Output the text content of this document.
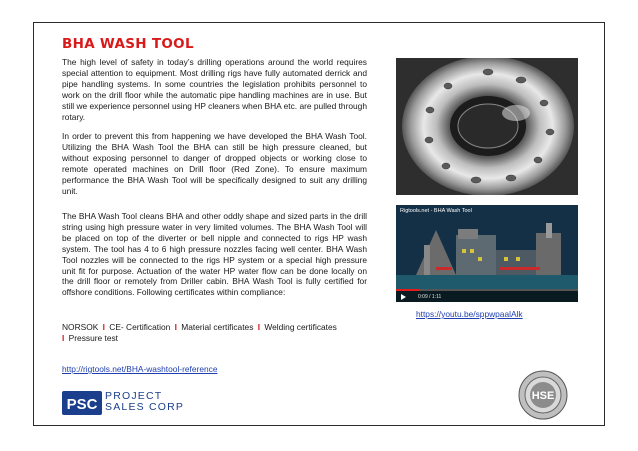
BHA WASH TOOL

The high level of safety in today’s drilling operations around the world requires special attention to equipment. Most drilling rigs have fully automated derrick and pipe handling systems. In some countries the legislation prohibits personnel to work on the drill floor while the automatic pipe handling machines are in use. But still we experience personnel using HP cleaners when BHA etc. are pulled through rotary.

In order to prevent this from happening we have developed the BHA Wash Tool. Utilizing the BHA Wash Tool the BHA can still be high pressure cleaned, but without exposing personnel to danger of dropped objects or working close to remote operated machines on Drill floor (Red Zone). To ensure maximum performance the BHA Wash Tool will be specifically designed to suit any drilling unit.

The BHA Wash Tool cleans BHA and other oddly shape and sized parts in the drill string using high pressure water in very limited volumes. The BHA Wash Tool will be placed on top of the diverter or bell nipple and connected to rigs HP wash system. The tool has 4 to 6 high pressure nozzles facing well center. BHA Wash Tool nozzles will be connected to the rigs HP system or a special high pressure unit fit for purpose. Actuation of the water HP water flow can be done locally on the drill floor or remotely from Driller cabin. BHA Wash Tool is fully certified for offshore conditions. Following certificates within compliance:

NORSOK I CE- Certification I Material certificates I Welding certificates
I Pressure test
http://rigtools.net/BHA-washtool-reference
Rigtools.net - BHA Wash Tool
0:09 / 1:11
https://youtu.be/sppwpaalAlk
PSC PROJECT
SALES CORP
HSE
